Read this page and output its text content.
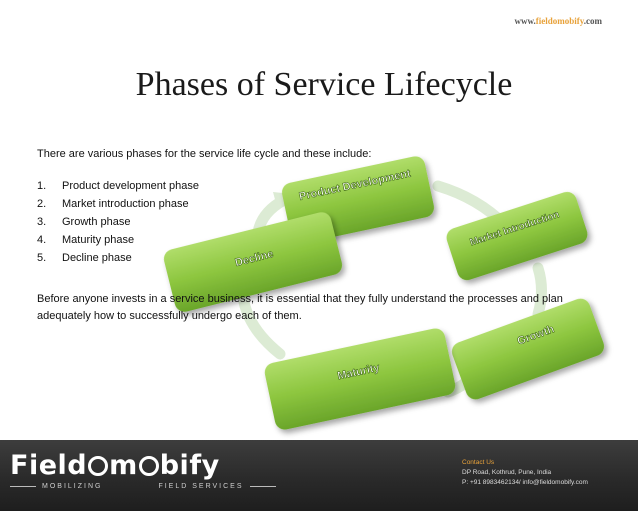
www.fieldomobify.com
Phases of Service Lifecycle
Product Development
Market Introduction
Growth
Maturity
Decline
There are various phases for the service life cycle and these include:
1.	Product development phase
2.	Market introduction phase
3.	Growth phase
4.	Maturity phase
5.	Decline phase
Before anyone invests in a service business, it is essential that they fully understand the processes and plan adequately how to successfully undergo each of them.
Field m bify
MOBILIZING	FIELD SERVICES
Contact Us
DP Road, Kothrud, Pune, India
P: +91 8983462134/ info@fieldomobify.com
